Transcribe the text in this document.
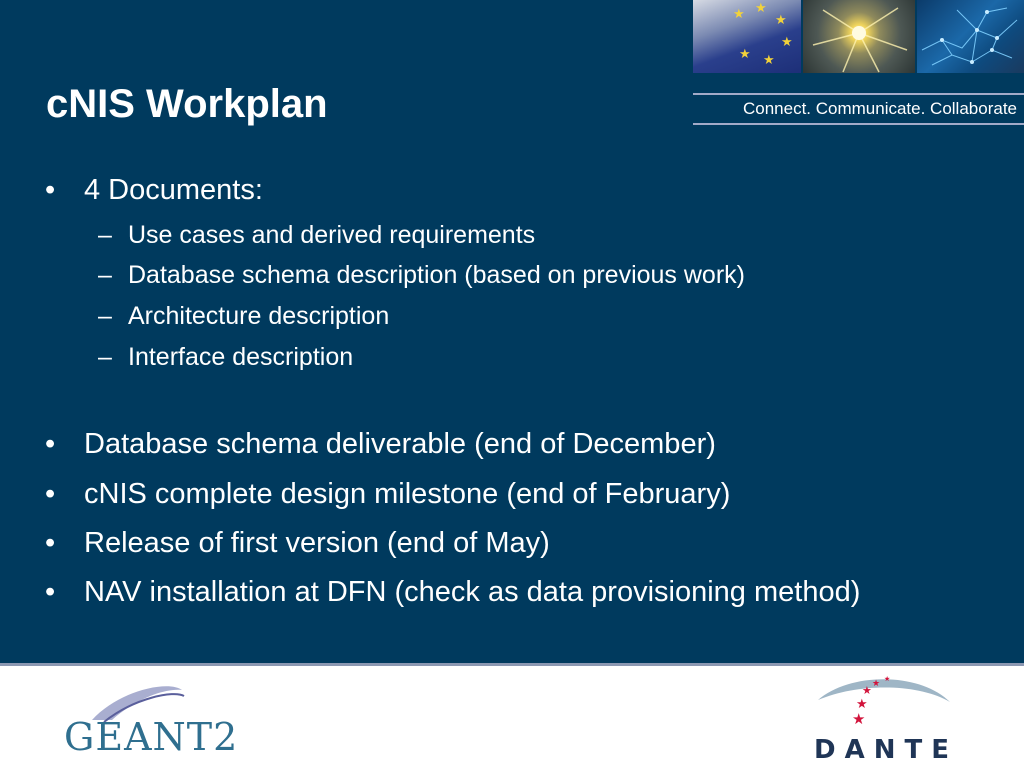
★ ★
★
★
★
★
Connect. Communicate. Collaborate
cNIS Workplan
• 4 Documents:
– Use cases and derived requirements
– Database schema description (based on previous work)
– Architecture description
– Interface description
• Database schema deliverable (end of December)
• cNIS complete design milestone (end of February)
• Release of first version (end of May)
• NAV installation at DFN (check as data provisioning method)
GEANT2
★ ★ ★
★
★
DANTE
